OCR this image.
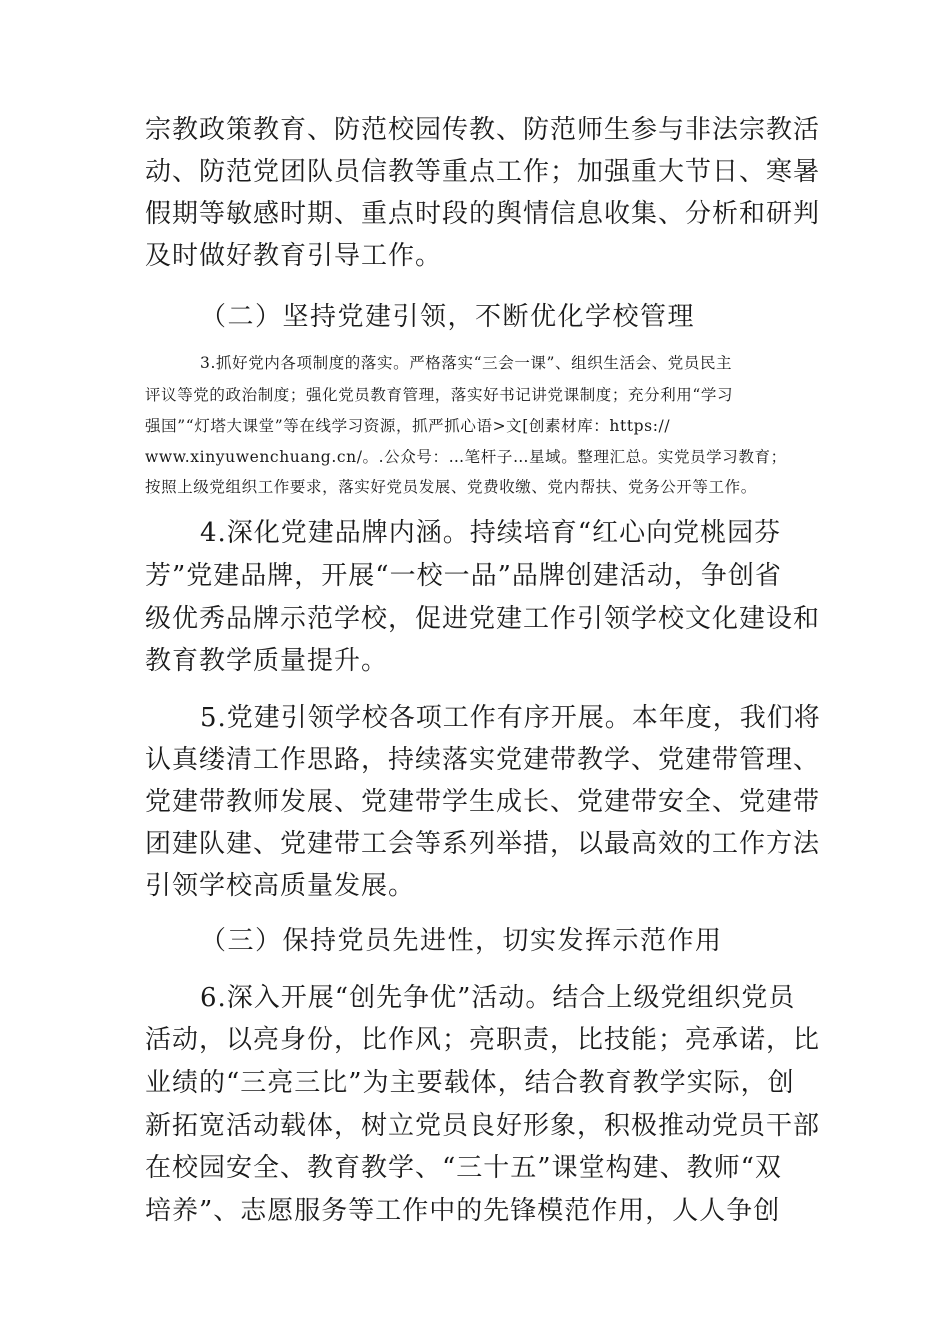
宗教政策教育、防范校园传教、防范师生参与非法宗教活
动、防范党团队员信教等重点工作；加强重大节日、寒暑
假期等敏感时期、重点时段的舆情信息收集、分析和研判
及时做好教育引导工作。
（二）坚持党建引领，不断优化学校管理
3.抓好党内各项制度的落实。严格落实“三会一课”、组织生活会、党员民主
评议等党的政治制度；强化党员教育管理，落实好书记讲党课制度；充分利用“学习
强国”“灯塔大课堂”等在线学习资源，抓严抓心语>文[创素材库：https://
www.xinyuwenchuang.cn/。.公众号：…笔杆子…星域。整理汇总。实党员学习教育；
按照上级党组织工作要求，落实好党员发展、党费收缴、党内帮扶、党务公开等工作。
4.深化党建品牌内涵。持续培育“红心向党桃园芬
芳”党建品牌，开展“一校一品”品牌创建活动，争创省
级优秀品牌示范学校，促进党建工作引领学校文化建设和
教育教学质量提升。
5.党建引领学校各项工作有序开展。本年度，我们将
认真缕清工作思路，持续落实党建带教学、党建带管理、
党建带教师发展、党建带学生成长、党建带安全、党建带
团建队建、党建带工会等系列举措，以最高效的工作方法
引领学校高质量发展。
（三）保持党员先进性，切实发挥示范作用
6.深入开展“创先争优”活动。结合上级党组织党员
活动，以亮身份，比作风；亮职责，比技能；亮承诺，比
业绩的“三亮三比”为主要载体，结合教育教学实际，创
新拓宽活动载体，树立党员良好形象，积极推动党员干部
在校园安全、教育教学、“三十五”课堂构建、教师“双
培养”、志愿服务等工作中的先锋模范作用，人人争创
